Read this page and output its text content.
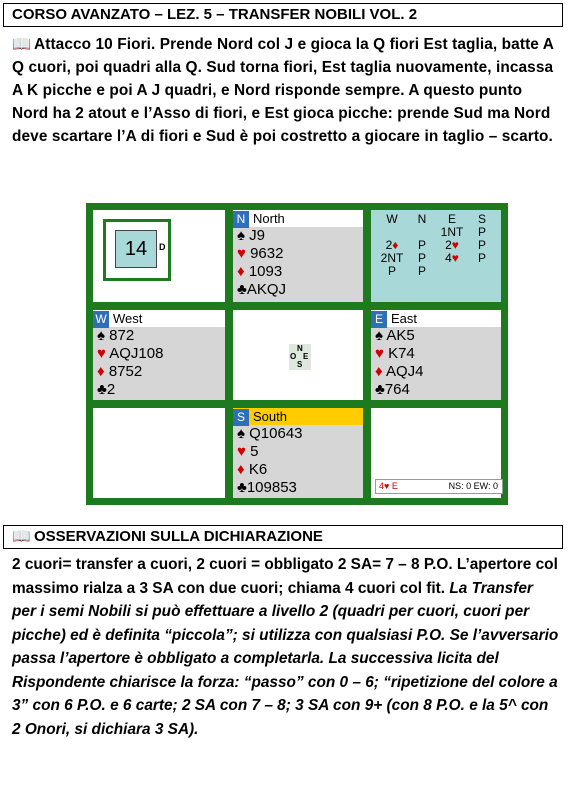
CORSO AVANZATO – LEZ. 5 – TRANSFER NOBILI VOL. 2
📖 Attacco 10 Fiori. Prende Nord col J e gioca la Q fiori Est taglia, batte A Q cuori, poi quadri alla Q. Sud torna fiori, Est taglia nuovamente, incassa A K picche e poi A J quadri, e Nord risponde sempre. A questo punto Nord ha 2 atout e l’Asso di fiori, e Est gioca picche: prende Sud ma Nord deve scartare l’A di fiori e Sud è poi costretto a giocare in taglio – scarto.
14	D
N North
♠ J9
♥ 9632
♦ 1093
♣AKQJ
W	N	E	S
		1NT	P
2♦	P	2♥	P
2NT	P	4♥	P
P	P		
W West
♠ 872
♥ AQJ108
♦ 8752
♣2
N
O E
S
E East
♠ AK5
♥ K74
♦ AQJ4
♣764
S South
♠ Q10643
♥ 5
♦ K6
♣109853	4♥ E	NS: 0 EW: 0
📖 OSSERVAZIONI SULLA DICHIARAZIONE
2 cuori= transfer a cuori, 2 cuori = obbligato 2 SA= 7 – 8 P.O. L’apertore col massimo rialza a 3 SA con due cuori; chiama 4 cuori col fit. La Transfer per i semi Nobili si può effettuare a livello 2 (quadri per cuori, cuori per picche) ed è definita “piccola”; si utilizza con qualsiasi P.O. Se l’avversario passa l’apertore è obbligato a completarla. La successiva licita del Rispondente chiarisce la forza: “passo” con 0 – 6; “ripetizione del colore a 3” con 6 P.O. e 6 carte; 2 SA con 7 – 8; 3 SA con 9+ (con 8 P.O. e la 5^ con 2 Onori, si dichiara 3 SA).
